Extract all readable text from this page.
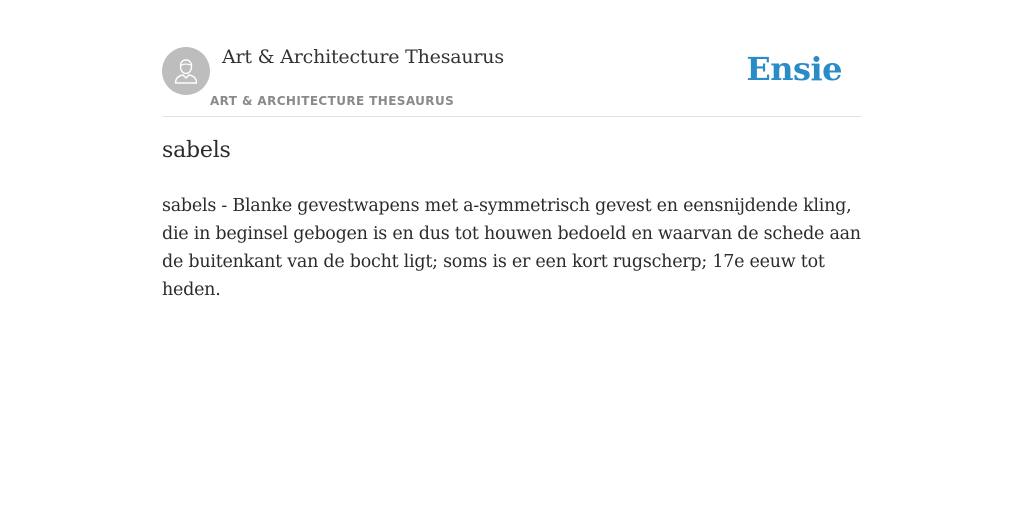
Art & Architecture Thesaurus
ART & ARCHITECTURE THESAURUS
Ensie
sabels

sabels - Blanke gevestwapens met a-symmetrisch gevest en eensnijdende kling, die in beginsel gebogen is en dus tot houwen bedoeld en waarvan de schede aan de buitenkant van de bocht ligt; soms is er een kort rugscherp; 17e eeuw tot heden.
